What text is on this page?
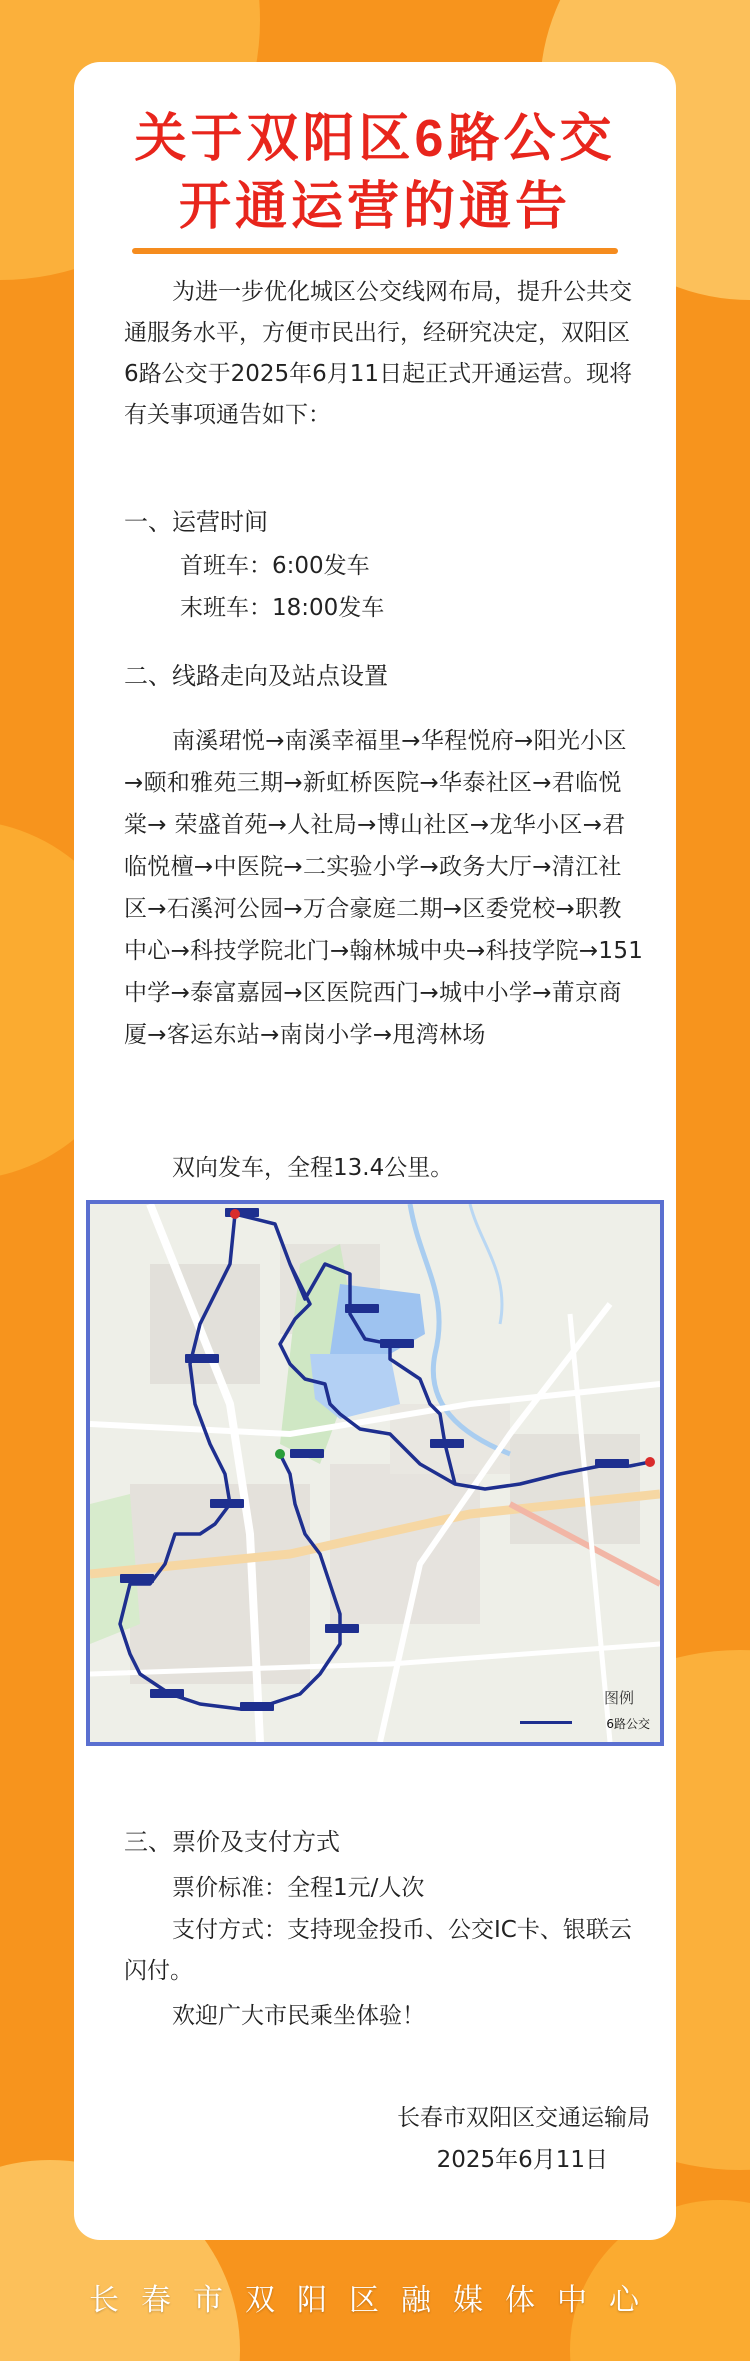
关于双阳区6路公交
开通运营的通告
为进一步优化城区公交线网布局，提升公共交通服务水平，方便市民出行，经研究决定，双阳区6路公交于2025年6月11日起正式开通运营。现将有关事项通告如下：
一、运营时间
首班车：6:00发车
末班车：18:00发车
二、线路走向及站点设置
南溪珺悦→南溪幸福里→华程悦府→阳光小区→颐和雅苑三期→新虹桥医院→华泰社区→君临悦棠→ 荣盛首苑→人社局→博山社区→龙华小区→君临悦檀→中医院→二实验小学→政务大厅→清江社区→石溪河公园→万合豪庭二期→区委党校→职教中心→科技学院北门→翰林城中央→科技学院→151中学→泰富嘉园→区医院西门→城中小学→莆京商厦→客运东站→南岗小学→甩湾林场
双向发车，全程13.4公里。
图例
6路公交
三、票价及支付方式
票价标准：全程1元/人次
支付方式：支持现金投币、公交IC卡、银联云闪付。
欢迎广大市民乘坐体验！
长春市双阳区交通运输局
2025年6月11日
长春市双阳区融媒体中心
